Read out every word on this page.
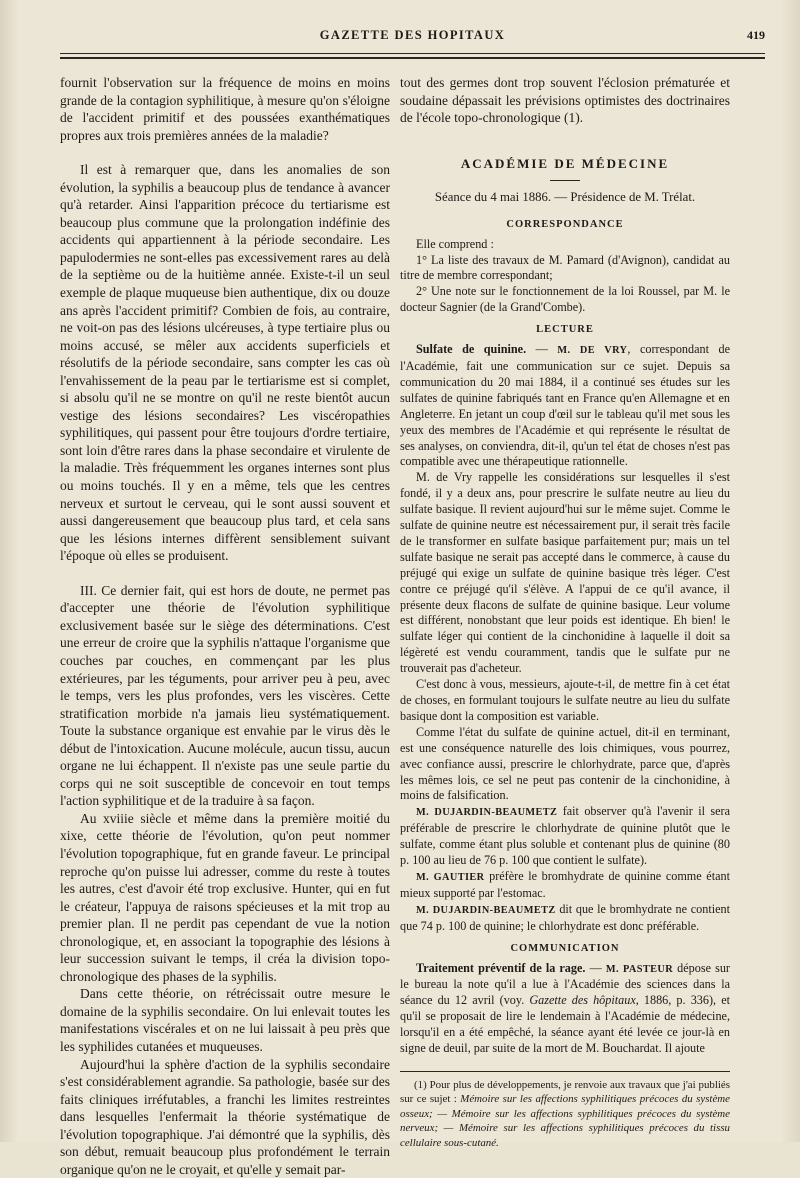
GAZETTE DES HOPITAUX	419

fournit l'observation sur la fréquence de moins en moins grande de la contagion syphilitique, à mesure qu'on s'éloigne de l'accident primitif et des poussées exanthématiques propres aux trois premières années de la maladie?

Il est à remarquer que, dans les anomalies de son évolution, la syphilis a beaucoup plus de tendance à avancer qu'à retarder. Ainsi l'apparition précoce du tertiarisme est beaucoup plus commune que la prolongation indéfinie des accidents qui appartiennent à la période secondaire. Les papulodermies ne sont-elles pas excessivement rares au delà de la septième ou de la huitième année. Existe-t-il un seul exemple de plaque muqueuse bien authentique, dix ou douze ans après l'accident primitif? Combien de fois, au contraire, ne voit-on pas des lésions ulcéreuses, à type tertiaire plus ou moins accusé, se mêler aux accidents superficiels et résolutifs de la période secondaire, sans compter les cas où l'envahissement de la peau par le tertiarisme est si complet, si absolu qu'il ne se montre on qu'il ne reste bientôt aucun vestige des lésions secondaires? Les viscéropathies syphilitiques, qui passent pour être toujours d'ordre tertiaire, sont loin d'être rares dans la phase secondaire et virulente de la maladie. Très fréquemment les organes internes sont plus ou moins touchés. Il y en a même, tels que les centres nerveux et surtout le cerveau, qui le sont aussi souvent et aussi dangereusement que beaucoup plus tard, et cela sans que les lésions internes diffèrent sensiblement suivant l'époque où elles se produisent.

III. Ce dernier fait, qui est hors de doute, ne permet pas d'accepter une théorie de l'évolution syphilitique exclusivement basée sur le siège des déterminations. C'est une erreur de croire que la syphilis n'attaque l'organisme que couches par couches, en commençant par les plus extérieures, par les téguments, pour arriver peu à peu, avec le temps, vers les plus profondes, vers les viscères. Cette stratification morbide n'a jamais lieu systématiquement. Toute la substance organique est envahie par le virus dès le début de l'intoxication. Aucune molécule, aucun tissu, aucun organe ne lui échappent. Il n'existe pas une seule partie du corps qui ne soit susceptible de concevoir en tout temps l'action syphilitique et de la traduire à sa façon.

Au xviiie siècle et même dans la première moitié du xixe, cette théorie de l'évolution, qu'on peut nommer l'évolution topographique, fut en grande faveur. Le principal reproche qu'on puisse lui adresser, comme du reste à toutes les autres, c'est d'avoir été trop exclusive. Hunter, qui en fut le créateur, l'appuya de raisons spécieuses et la mit trop au premier plan. Il ne perdit pas cependant de vue la notion chronologique, et, en associant la topographie des lésions à leur succession suivant le temps, il créa la division topo-chronologique des phases de la syphilis.

Dans cette théorie, on rétrécissait outre mesure le domaine de la syphilis secondaire. On lui enlevait toutes les manifestations viscérales et on ne lui laissait à peu près que les syphilides cutanées et muqueuses.

Aujourd'hui la sphère d'action de la syphilis secondaire s'est considérablement agrandie. Sa pathologie, basée sur des faits cliniques irréfutables, a franchi les limites restreintes dans lesquelles l'enfermait la théorie systématique de l'évolution topographique. J'ai démontré que la syphilis, dès son début, remuait beaucoup plus profondément le terrain organique qu'on ne le croyait, et qu'elle y semait par-

tout des germes dont trop souvent l'éclosion prématurée et soudaine dépassait les prévisions optimistes des doctrinaires de l'école topo-chronologique (1).

ACADÉMIE DE MÉDECINE
Séance du 4 mai 1886. — Présidence de M. Trélat.
CORRESPONDANCE

Elle comprend :

1° La liste des travaux de M. Pamard (d'Avignon), candidat au titre de membre correspondant;

2° Une note sur le fonctionnement de la loi Roussel, par M. le docteur Sagnier (de la Grand'Combe).

LECTURE

Sulfate de quinine. — M. DE VRY, correspondant de l'Académie, fait une communication sur ce sujet. Depuis sa communication du 20 mai 1884, il a continué ses études sur les sulfates de quinine fabriqués tant en France qu'en Allemagne et en Angleterre. En jetant un coup d'œil sur le tableau qu'il met sous les yeux des membres de l'Académie et qui représente le résultat de ses analyses, on conviendra, dit-il, qu'un tel état de choses n'est pas compatible avec une thérapeutique rationnelle.

M. de Vry rappelle les considérations sur lesquelles il s'est fondé, il y a deux ans, pour prescrire le sulfate neutre au lieu du sulfate basique. Il revient aujourd'hui sur le même sujet. Comme le sulfate de quinine neutre est nécessairement pur, il serait très facile de le transformer en sulfate basique parfaitement pur; mais un tel sulfate basique ne serait pas accepté dans le commerce, à cause du préjugé qui exige un sulfate de quinine basique très léger. C'est contre ce préjugé qu'il s'élève. A l'appui de ce qu'il avance, il présente deux flacons de sulfate de quinine basique. Leur volume est différent, nonobstant que leur poids est identique. Eh bien! le sulfate léger qui contient de la cinchonidine à laquelle il doit sa légèreté est vendu couramment, tandis que le sulfate pur ne trouverait pas d'acheteur.

C'est donc à vous, messieurs, ajoute-t-il, de mettre fin à cet état de choses, en formulant toujours le sulfate neutre au lieu du sulfate basique dont la composition est variable.

Comme l'état du sulfate de quinine actuel, dit-il en terminant, est une conséquence naturelle des lois chimiques, vous pourrez, avec confiance aussi, prescrire le chlorhydrate, parce que, d'après les mêmes lois, ce sel ne peut pas contenir de la cinchonidine, à moins de falsification.

M. DUJARDIN-BEAUMETZ fait observer qu'à l'avenir il sera préférable de prescrire le chlorhydrate de quinine plutôt que le sulfate, comme étant plus soluble et contenant plus de quinine (80 p. 100 au lieu de 76 p. 100 que contient le sulfate).

M. GAUTIER préfère le bromhydrate de quinine comme étant mieux supporté par l'estomac.

M. DUJARDIN-BEAUMETZ dit que le bromhydrate ne contient que 74 p. 100 de quinine; le chlorhydrate est donc préférable.

COMMUNICATION

Traitement préventif de la rage. — M. PASTEUR dépose sur le bureau la note qu'il a lue à l'Académie des sciences dans la séance du 12 avril (voy. Gazette des hôpitaux, 1886, p. 336), et qu'il se proposait de lire le lendemain à l'Académie de médecine, lorsqu'il en a été empêché, la séance ayant été levée ce jour-là en signe de deuil, par suite de la mort de M. Bouchardat. Il ajoute

(1) Pour plus de développements, je renvoie aux travaux que j'ai publiés sur ce sujet : Mémoire sur les affections syphilitiques précoces du système osseux; — Mémoire sur les affections syphilitiques précoces du système nerveux; — Mémoire sur les affections syphilitiques précoces du tissu cellulaire sous-cutané.
